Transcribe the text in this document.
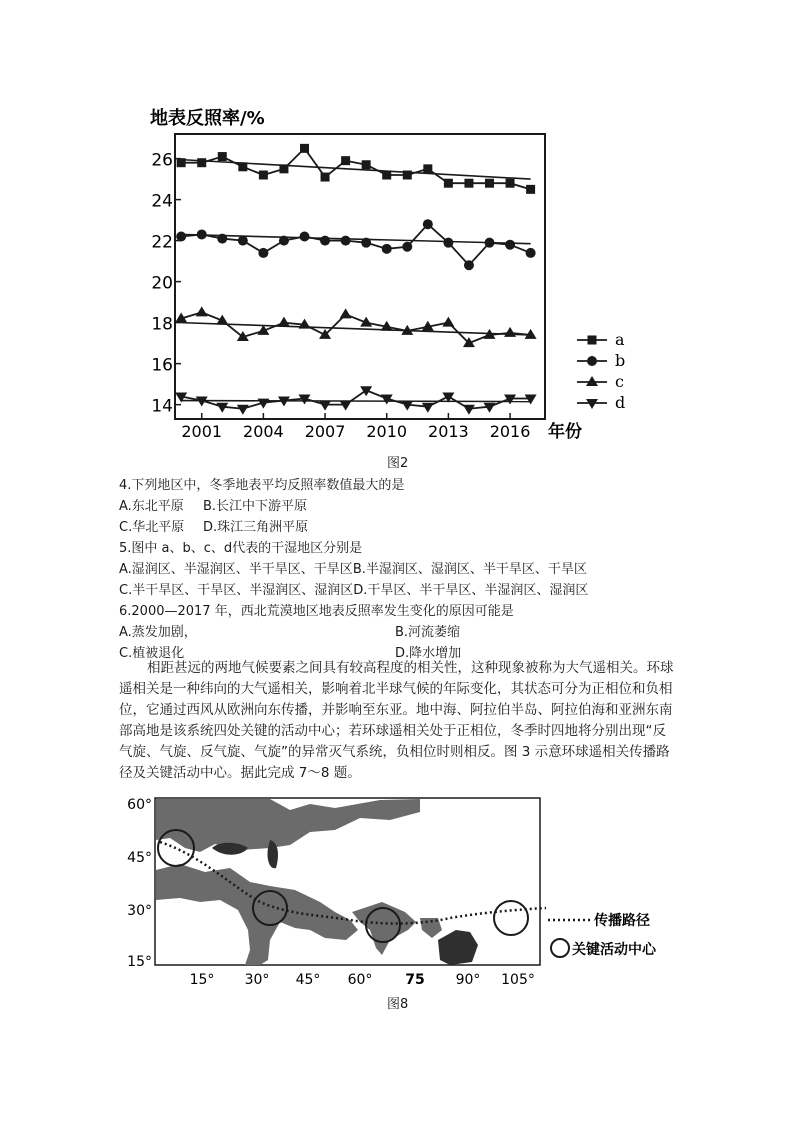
地表反照率/%
14
16
18
20
22
24
26
2001 2004 2007 2010 2013 2016 年份
a
b
c
d
图2
4.下列地区中，冬季地表平均反照率数值最大的是
A.东北平原 B.长江中下游平原
C.华北平原 D.珠江三角洲平原
5.图中 a、b、c、d代表的干湿地区分别是
A.湿润区、半湿润区、半干旱区、干旱区B.半湿润区、湿润区、半干旱区、干旱区
C.半干旱区、干旱区、半湿润区、湿润区D.干旱区、半干旱区、半湿润区、湿润区
6.2000—2017 年，西北荒漠地区地表反照率发生变化的原因可能是
A.蒸发加剧，	B.河流萎缩
C.植被退化	D.降水增加
相距甚远的两地气候要素之间具有较高程度的相关性，这种现象被称为大气遥相关。环球遥相关是一种纬向的大气遥相关，影响着北半球气候的年际变化，其状态可分为正相位和负相位，它通过西风从欧洲向东传播，并影响至东亚。地中海、阿拉伯半岛、阿拉伯海和亚洲东南部高地是该系统四处关键的活动中心；若环球遥相关处于正相位，冬季时四地将分别出现“反气旋、气旋、反气旋、气旋”的异常灭气系统，负相位时则相反。图 3 示意环球遥相关传播路径及关键活动中心。据此完成 7～8 题。
60°
45°
30°
15°
15° 30° 45° 60° 75 90° 105°
传播路径
关键活动中心
图8
